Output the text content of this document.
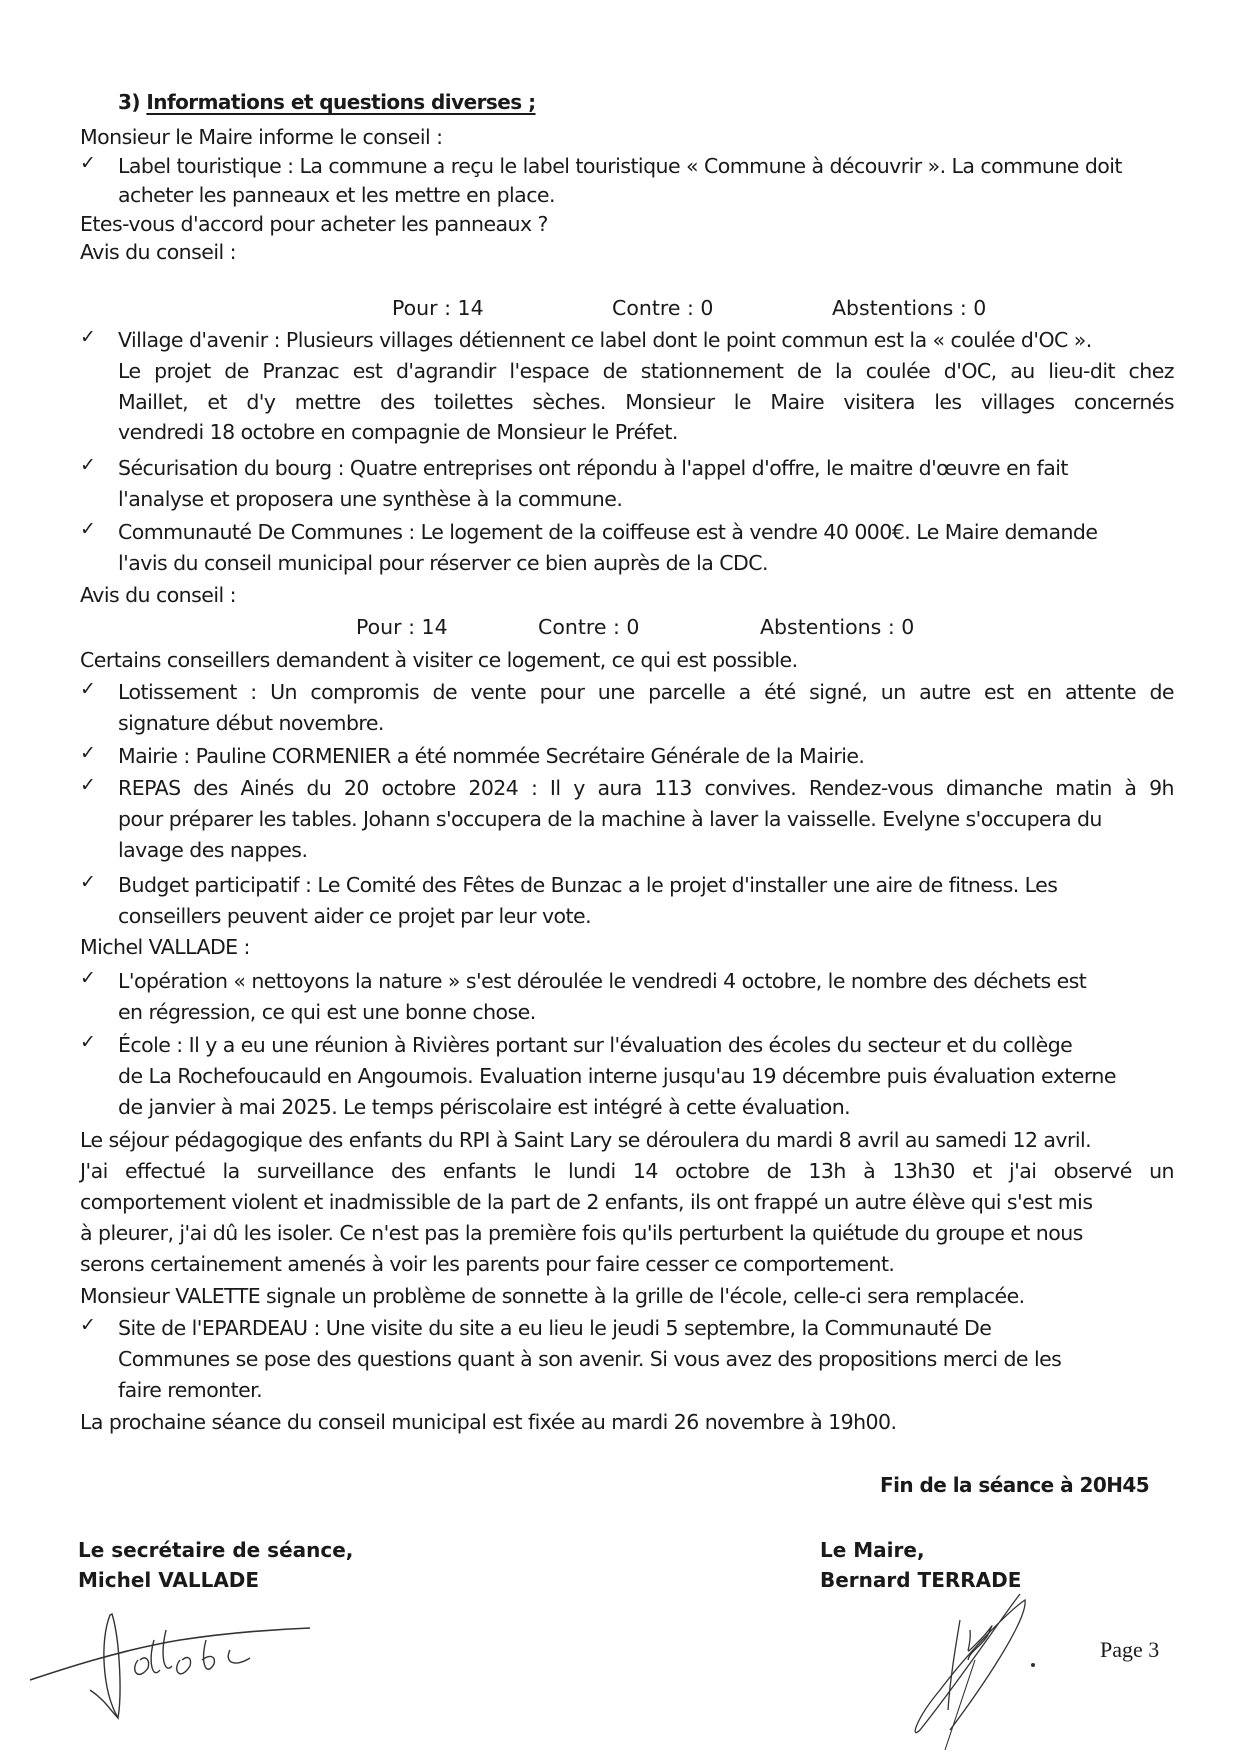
3) Informations et questions diverses ;
Monsieur le Maire informe le conseil :
✓ Label touristique : La commune a reçu le label touristique « Commune à découvrir ». La commune doit
acheter les panneaux et les mettre en place.
Etes-vous d'accord pour acheter les panneaux ?
Avis du conseil :
Pour : 14	Contre : 0	Abstentions : 0
✓ Village d'avenir : Plusieurs villages détiennent ce label dont le point commun est la « coulée d'OC ».
Le projet de Pranzac est d'agrandir l'espace de stationnement de la coulée d'OC, au lieu-dit chez
Maillet, et d'y mettre des toilettes sèches. Monsieur le Maire visitera les villages concernés
vendredi 18 octobre en compagnie de Monsieur le Préfet.
✓ Sécurisation du bourg : Quatre entreprises ont répondu à l'appel d'offre, le maitre d'œuvre en fait
l'analyse et proposera une synthèse à la commune.
✓ Communauté De Communes : Le logement de la coiffeuse est à vendre 40 000€. Le Maire demande
l'avis du conseil municipal pour réserver ce bien auprès de la CDC.
Avis du conseil :
Pour : 14	Contre : 0	Abstentions : 0
Certains conseillers demandent à visiter ce logement, ce qui est possible.
✓ Lotissement : Un compromis de vente pour une parcelle a été signé, un autre est en attente de
signature début novembre.
✓ Mairie : Pauline CORMENIER a été nommée Secrétaire Générale de la Mairie.
✓ REPAS des Ainés du 20 octobre 2024 : Il y aura 113 convives. Rendez-vous dimanche matin à 9h
pour préparer les tables. Johann s'occupera de la machine à laver la vaisselle. Evelyne s'occupera du
lavage des nappes.
✓ Budget participatif : Le Comité des Fêtes de Bunzac a le projet d'installer une aire de fitness. Les
conseillers peuvent aider ce projet par leur vote.
Michel VALLADE :
✓ L'opération « nettoyons la nature » s'est déroulée le vendredi 4 octobre, le nombre des déchets est
en régression, ce qui est une bonne chose.
✓ École : Il y a eu une réunion à Rivières portant sur l'évaluation des écoles du secteur et du collège
de La Rochefoucauld en Angoumois. Evaluation interne jusqu'au 19 décembre puis évaluation externe
de janvier à mai 2025. Le temps périscolaire est intégré à cette évaluation.
Le séjour pédagogique des enfants du RPI à Saint Lary se déroulera du mardi 8 avril au samedi 12 avril.
J'ai effectué la surveillance des enfants le lundi 14 octobre de 13h à 13h30 et j'ai observé un
comportement violent et inadmissible de la part de 2 enfants, ils ont frappé un autre élève qui s'est mis
à pleurer, j'ai dû les isoler. Ce n'est pas la première fois qu'ils perturbent la quiétude du groupe et nous
serons certainement amenés à voir les parents pour faire cesser ce comportement.
Monsieur VALETTE signale un problème de sonnette à la grille de l'école, celle-ci sera remplacée.
✓ Site de l'EPARDEAU : Une visite du site a eu lieu le jeudi 5 septembre, la Communauté De
Communes se pose des questions quant à son avenir. Si vous avez des propositions merci de les
faire remonter.
La prochaine séance du conseil municipal est fixée au mardi 26 novembre à 19h00.
Fin de la séance à 20H45
Le secrétaire de séance,
Michel VALLADE
Le Maire,
Bernard TERRADE
Page 3
